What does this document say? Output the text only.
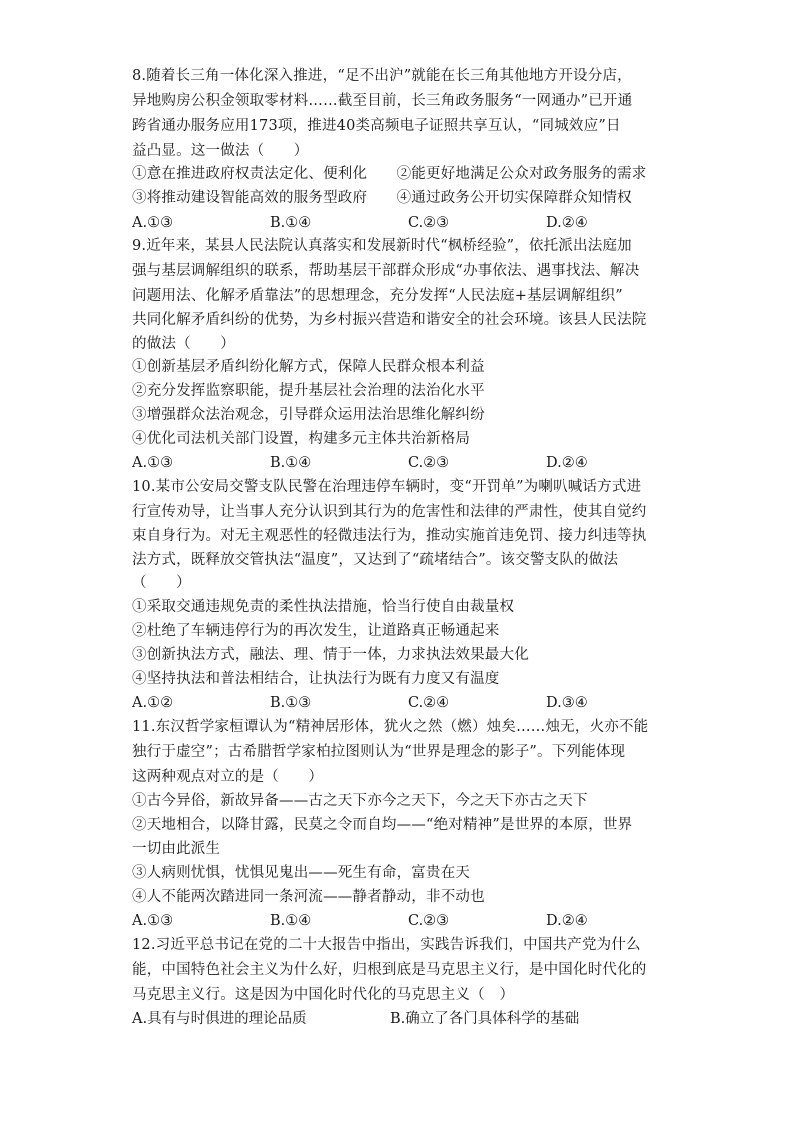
8.随着长三角一体化深入推进，“足不出沪”就能在长三角其他地方开设分店，
异地购房公积金领取零材料……截至目前，长三角政务服务“一网通办”已开通
跨省通办服务应用173项，推进40类高频电子证照共享互认，“同城效应”日
益凸显。这一做法（　　）
①意在推进政府权责法定化、便利化　　②能更好地满足公众对政务服务的需求
③将推动建设智能高效的服务型政府　　④通过政务公开切实保障群众知情权
A.①③	B.①④	C.②③	D.②④
9.近年来，某县人民法院认真落实和发展新时代“枫桥经验”，依托派出法庭加
强与基层调解组织的联系，帮助基层干部群众形成“办事依法、遇事找法、解决
问题用法、化解矛盾靠法”的思想理念，充分发挥“人民法庭+基层调解组织”
共同化解矛盾纠纷的优势，为乡村振兴营造和谐安全的社会环境。该县人民法院
的做法（　　）
①创新基层矛盾纠纷化解方式，保障人民群众根本利益
②充分发挥监察职能，提升基层社会治理的法治化水平
③增强群众法治观念，引导群众运用法治思维化解纠纷
④优化司法机关部门设置，构建多元主体共治新格局
A.①③	B.①④	C.②③	D.②④
10.某市公安局交警支队民警在治理违停车辆时，变“开罚单”为喇叭喊话方式进
行宣传劝导，让当事人充分认识到其行为的危害性和法律的严肃性，使其自觉约
束自身行为。对无主观恶性的轻微违法行为，推动实施首违免罚、接力纠违等执
法方式，既释放交管执法“温度”，又达到了“疏堵结合”。该交警支队的做法
（　　）
①采取交通违规免责的柔性执法措施，恰当行使自由裁量权
②杜绝了车辆违停行为的再次发生，让道路真正畅通起来
③创新执法方式，融法、理、情于一体，力求执法效果最大化
④坚持执法和普法相结合，让执法行为既有力度又有温度
A.①②	B.①③	C.②④	D.③④
11.东汉哲学家桓谭认为“精神居形体，犹火之然（燃）烛矣……烛无，火亦不能
独行于虚空”；古希腊哲学家柏拉图则认为“世界是理念的影子”。下列能体现
这两种观点对立的是（　　）
①古今异俗，新故异备——古之天下亦今之天下，今之天下亦古之天下
②天地相合，以降甘露，民莫之令而自均——“绝对精神”是世界的本原，世界
一切由此派生
③人病则忧惧，忧惧见鬼出——死生有命，富贵在天
④人不能两次踏进同一条河流——静者静动，非不动也
A.①③	B.①④	C.②③	D.②④
12.习近平总书记在党的二十大报告中指出，实践告诉我们，中国共产党为什么
能，中国特色社会主义为什么好，归根到底是马克思主义行，是中国化时代化的
马克思主义行。这是因为中国化时代化的马克思主义（　）
A.具有与时俱进的理论品质	B.确立了各门具体科学的基础
